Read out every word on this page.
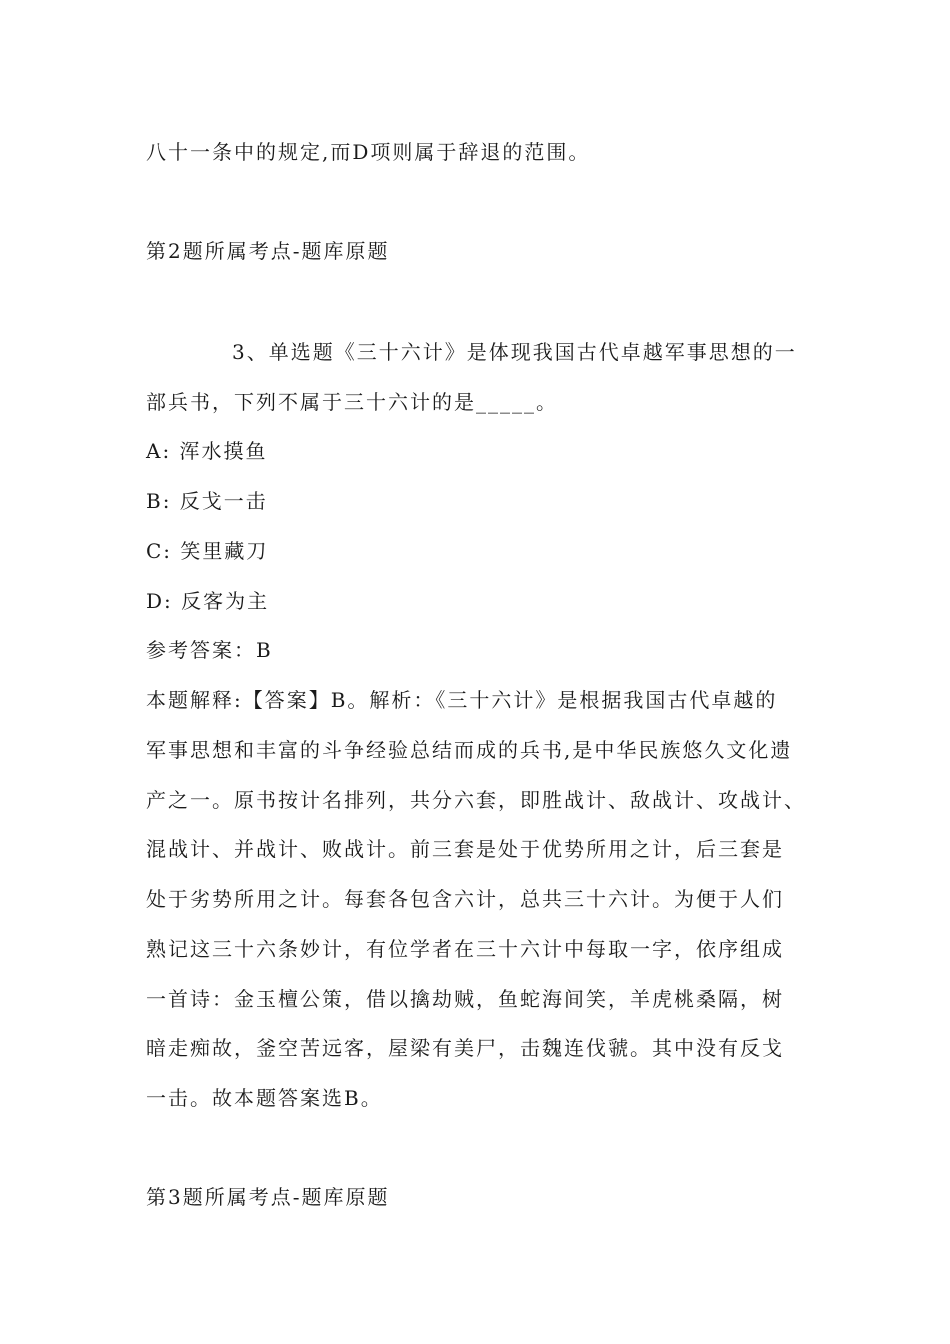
八十一条中的规定,而D项则属于辞退的范围。
第2题所属考点-题库原题
3、单选题《三十六计》是体现我国古代卓越军事思想的一
部兵书，下列不属于三十六计的是_____。
A: 浑水摸鱼
B: 反戈一击
C: 笑里藏刀
D: 反客为主
参考答案：B
本题解释:【答案】B。解析：《三十六计》是根据我国古代卓越的
军事思想和丰富的斗争经验总结而成的兵书,是中华民族悠久文化遗
产之一。原书按计名排列，共分六套，即胜战计、敌战计、攻战计、
混战计、并战计、败战计。前三套是处于优势所用之计，后三套是
处于劣势所用之计。每套各包含六计，总共三十六计。为便于人们
熟记这三十六条妙计，有位学者在三十六计中每取一字，依序组成
一首诗：金玉檀公策，借以擒劫贼，鱼蛇海间笑，羊虎桃桑隔，树
暗走痴故，釜空苦远客，屋梁有美尸，击魏连伐虢。其中没有反戈
一击。故本题答案选B。
第3题所属考点-题库原题
